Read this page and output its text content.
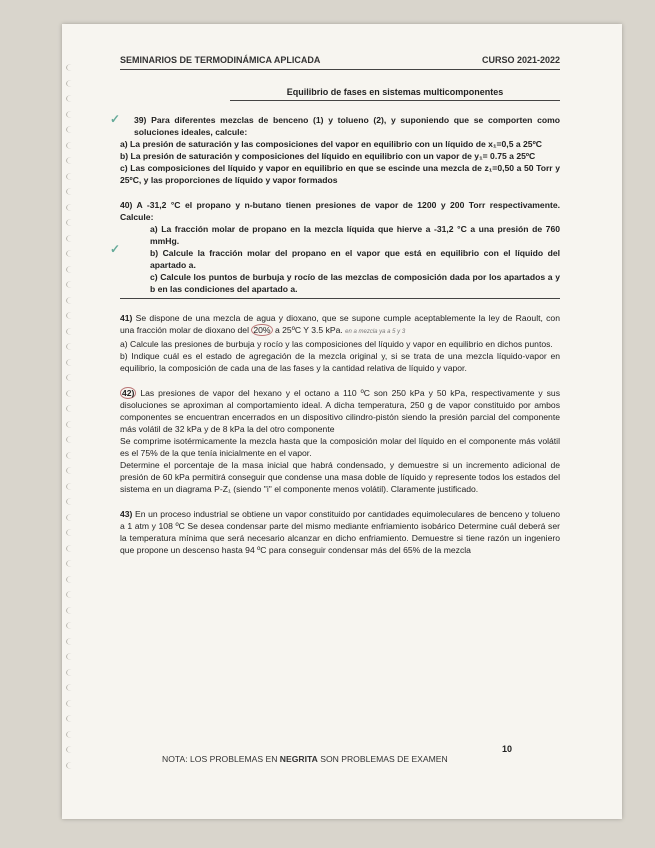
✓
✓
SEMINARIOS DE TERMODINÁMICA APLICADA	CURSO 2021-2022
Equilibrio de fases en sistemas multicomponentes

39) Para diferentes mezclas de benceno (1) y tolueno (2), y suponiendo que se comporten como soluciones ideales, calcule:

a) La presión de saturación y las composiciones del vapor en equilibrio con un líquido de x₁=0,5 a 25ºC

b) La presión de saturación y composiciones del líquido en equilibrio con un vapor de y₁= 0.75 a 25ºC

c) Las composiciones del líquido y vapor en equilibrio en que se escinde una mezcla de z₁=0,50 a 50 Torr y 25ºC, y las proporciones de líquido y vapor formados

40) A -31,2 °C el propano y n-butano tienen presiones de vapor de 1200 y 200 Torr respectivamente. Calcule:

a) La fracción molar de propano en la mezcla líquida que hierve a -31,2 °C a una presión de 760 mmHg.

b) Calcule la fracción molar del propano en el vapor que está en equilibrio con el líquido del apartado a.

c) Calcule los puntos de burbuja y rocío de las mezclas de composición dada por los apartados a y b en las condiciones del apartado a.

41) Se dispone de una mezcla de agua y dioxano, que se supone cumple aceptablemente la ley de Raoult, con una fracción molar de dioxano del 20% a 25ºC Y 3.5 kPa. en a mezcla ya a 5 y 3

a) Calcule las presiones de burbuja y rocío y las composiciones del líquido y vapor en equilibrio en dichos puntos.

b) Indique cuál es el estado de agregación de la mezcla original y, si se trata de una mezcla líquido-vapor en equilibrio, la composición de cada una de las fases y la cantidad relativa de líquido y vapor.

42) Las presiones de vapor del hexano y el octano a 110 ºC son 250 kPa y 50 kPa, respectivamente y sus disoluciones se aproximan al comportamiento ideal. A dicha temperatura, 250 g de vapor constituido por ambos componentes se encuentran encerrados en un dispositivo cilindro-pistón siendo la presión parcial del componente más volátil de 32 kPa y de 8 kPa la del otro componente

Se comprime isotérmicamente la mezcla hasta que la composición molar del líquido en el componente más volátil es el 75% de la que tenía inicialmente en el vapor.

Determine el porcentaje de la masa inicial que habrá condensado, y demuestre si un incremento adicional de presión de 60 kPa permitirá conseguir que condense una masa doble de líquido y represente todos los estados del sistema en un diagrama P-Z₁ (siendo "i" el componente menos volátil). Claramente justificado.

43) En un proceso industrial se obtiene un vapor constituido por cantidades equimoleculares de benceno y tolueno a 1 atm y 108 ºC Se desea condensar parte del mismo mediante enfriamiento isobárico Determine cuál deberá ser la temperatura mínima que será necesario alcanzar en dicho enfriamiento. Demuestre si tiene razón un ingeniero que propone un descenso hasta 94 ºC para conseguir condensar más del 65% de la mezcla

10
NOTA: LOS PROBLEMAS EN NEGRITA SON PROBLEMAS DE EXAMEN
